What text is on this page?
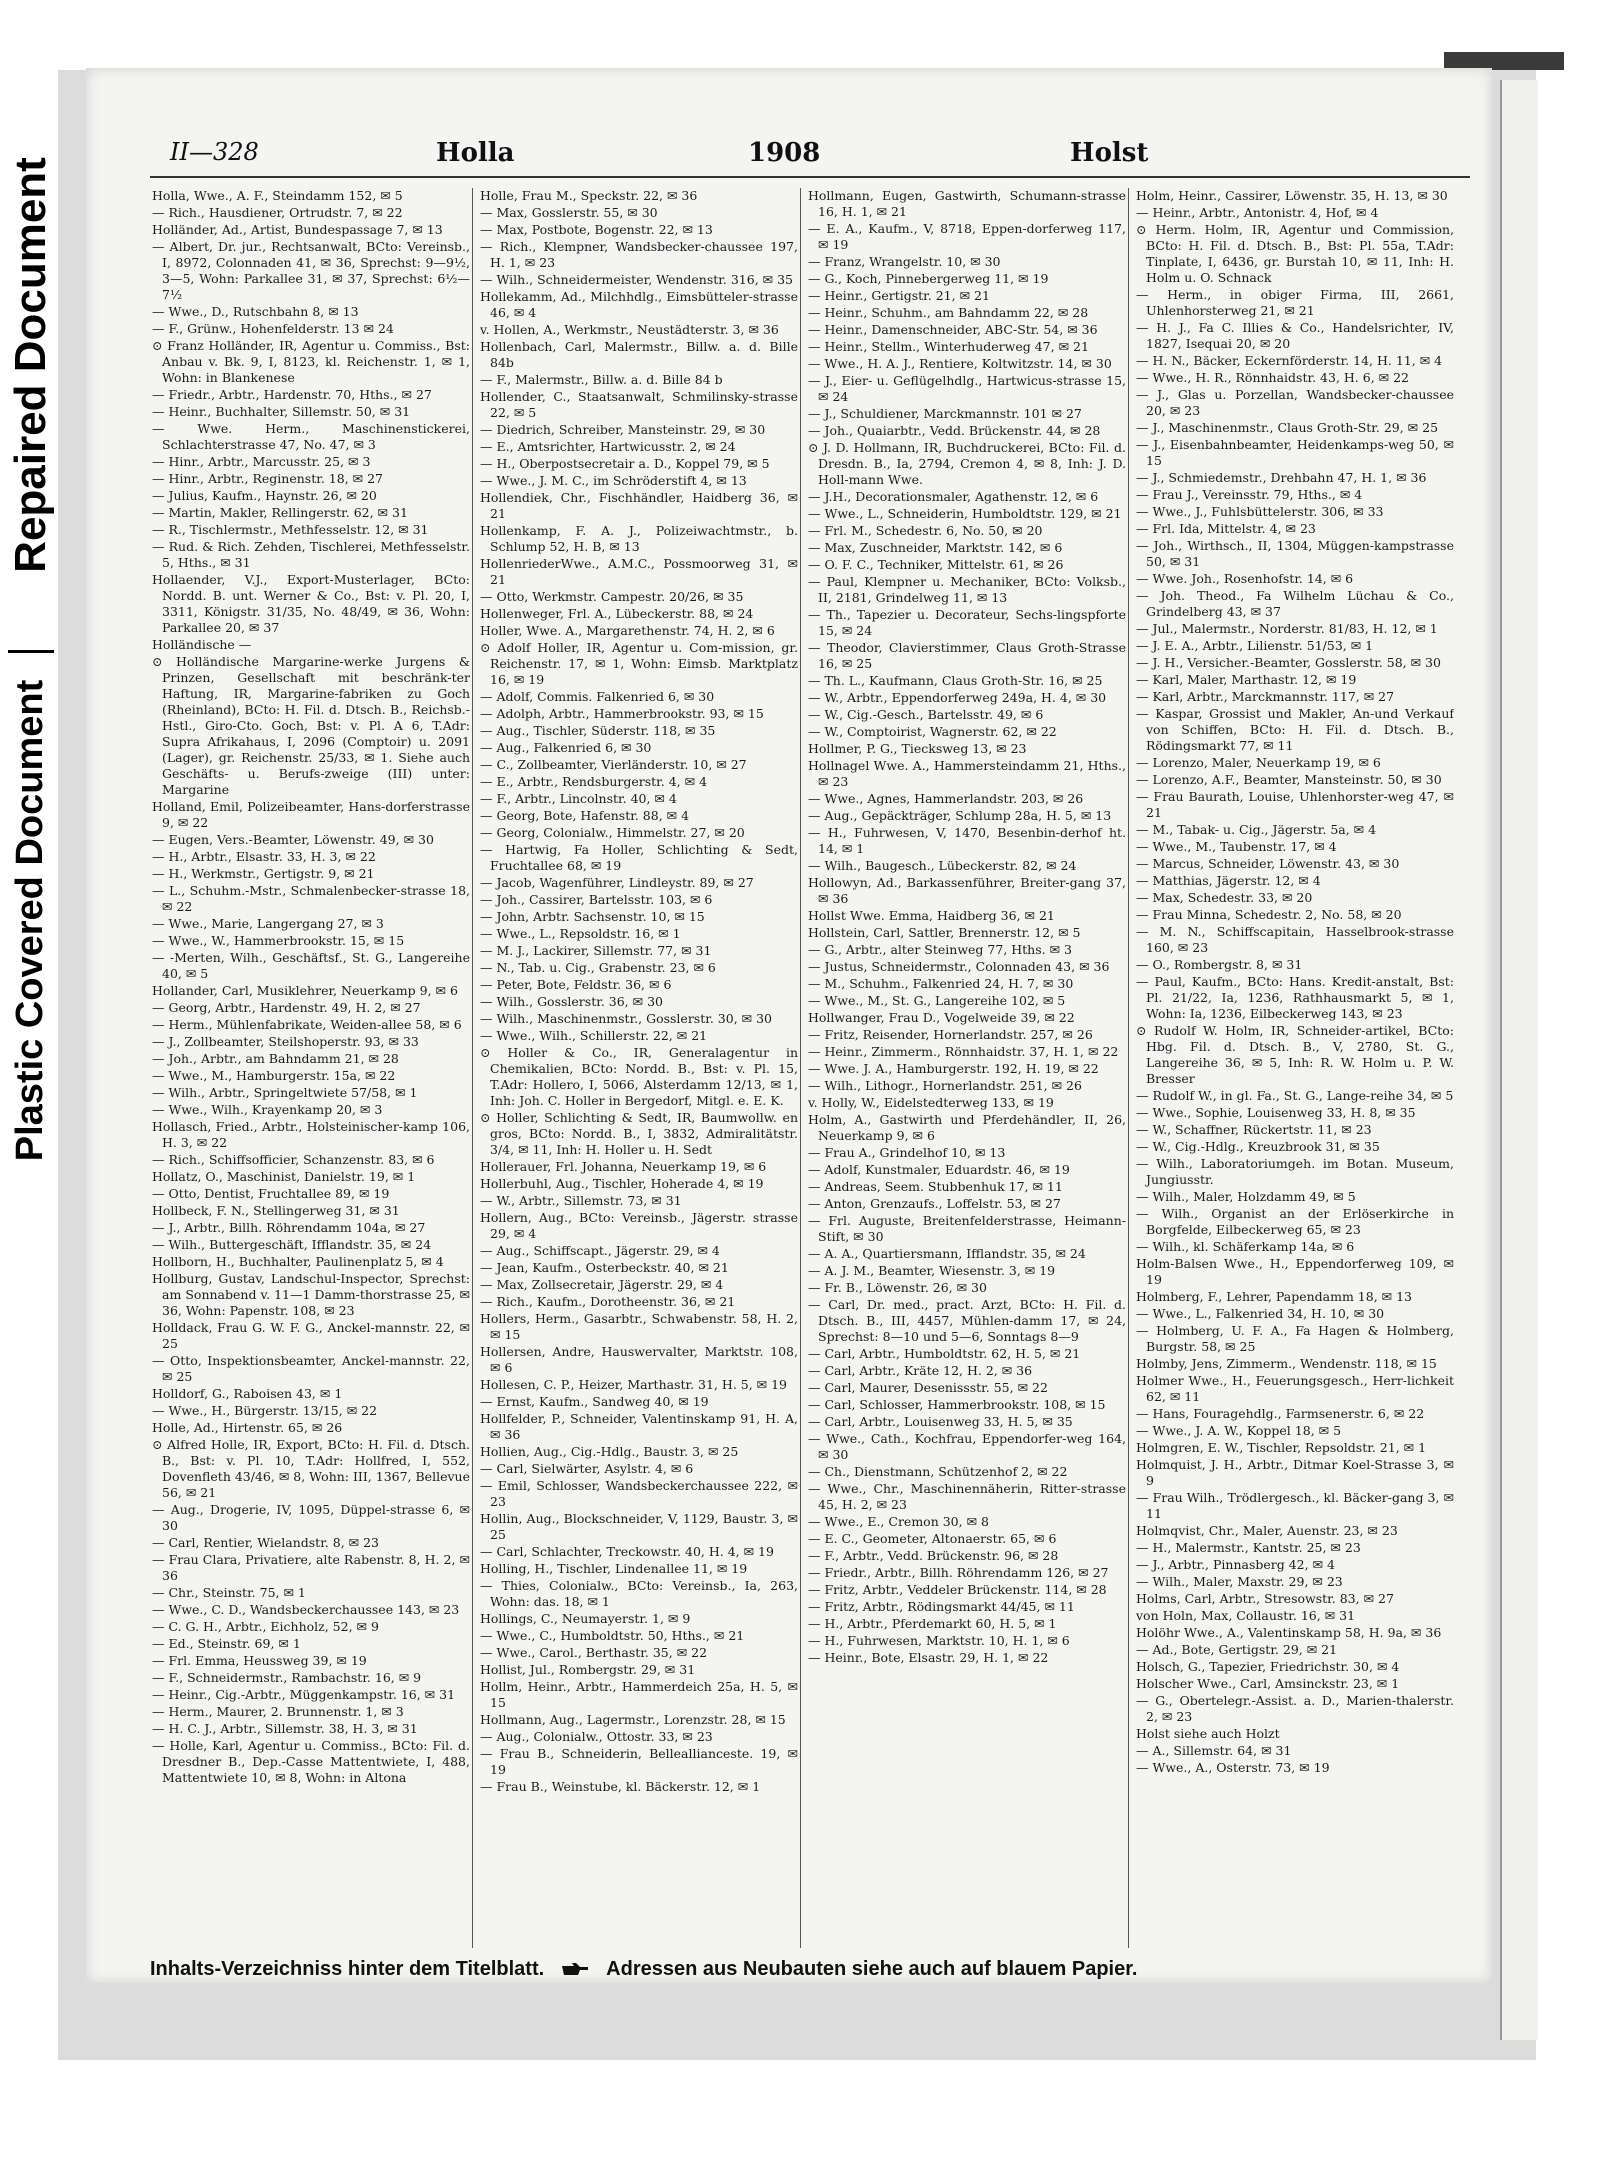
Repaired Document
Plastic Covered Document
II—328	Holla	1908	Holst
Holla, Wwe., A. F., Steindamm 152, ✉ 5
— Rich., Hausdiener, Ortrudstr. 7, ✉ 22
Holländer, Ad., Artist, Bundespassage 7, ✉ 13
— Albert, Dr. jur., Rechtsanwalt, BCto: Vereinsb., I, 8972, Colonnaden 41, ✉ 36, Sprechst: 9—9½, 3—5, Wohn: Parkallee 31, ✉ 37, Sprechst: 6½—7½
— Wwe., D., Rutschbahn 8, ✉ 13
— F., Grünw., Hohenfelderstr. 13 ✉ 24
⊙ Franz Holländer, IR, Agentur u. Commiss., Bst: Anbau v. Bk. 9, I, 8123, kl. Reichenstr. 1, ✉ 1, Wohn: in Blankenese
— Friedr., Arbtr., Hardenstr. 70, Hths., ✉ 27
— Heinr., Buchhalter, Sillemstr. 50, ✉ 31
— Wwe. Herm., Maschinenstickerei, Schlachterstrasse 47, No. 47, ✉ 3
— Hinr., Arbtr., Marcusstr. 25, ✉ 3
— Hinr., Arbtr., Reginenstr. 18, ✉ 27
— Julius, Kaufm., Haynstr. 26, ✉ 20
— Martin, Makler, Rellingerstr. 62, ✉ 31
— R., Tischlermstr., Methfesselstr. 12, ✉ 31
— Rud. & Rich. Zehden, Tischlerei, Methfesselstr. 5, Hths., ✉ 31
Hollaender, V.J., Export-Musterlager, BCto: Nordd. B. unt. Werner & Co., Bst: v. Pl. 20, I, 3311, Königstr. 31/35, No. 48/49, ✉ 36, Wohn: Parkallee 20, ✉ 37
Holländische —
⊙ Holländische Margarine-werke Jurgens & Prinzen, Gesellschaft mit beschränk-ter Haftung, IR, Margarine-fabriken zu Goch (Rheinland), BCto: H. Fil. d. Dtsch. B., Reichsb.-Hstl., Giro-Cto. Goch, Bst: v. Pl. A 6, T.Adr: Supra Afrikahaus, I, 2096 (Comptoir) u. 2091 (Lager), gr. Reichenstr. 25/33, ✉ 1. Siehe auch Geschäfts- u. Berufs-zweige (III) unter: Margarine
Holland, Emil, Polizeibeamter, Hans-dorferstrasse 9, ✉ 22
— Eugen, Vers.-Beamter, Löwenstr. 49, ✉ 30
— H., Arbtr., Elsastr. 33, H. 3, ✉ 22
— H., Werkmstr., Gertigstr. 9, ✉ 21
— L., Schuhm.-Mstr., Schmalenbecker-strasse 18, ✉ 22
— Wwe., Marie, Langergang 27, ✉ 3
— Wwe., W., Hammerbrookstr. 15, ✉ 15
— -Merten, Wilh., Geschäftsf., St. G., Langereihe 40, ✉ 5
Hollander, Carl, Musiklehrer, Neuerkamp 9, ✉ 6
— Georg, Arbtr., Hardenstr. 49, H. 2, ✉ 27
— Herm., Mühlenfabrikate, Weiden-allee 58, ✉ 6
— J., Zollbeamter, Steilshoperstr. 93, ✉ 33
— Joh., Arbtr., am Bahndamm 21, ✉ 28
— Wwe., M., Hamburgerstr. 15a, ✉ 22
— Wilh., Arbtr., Springeltwiete 57/58, ✉ 1
— Wwe., Wilh., Krayenkamp 20, ✉ 3
Hollasch, Fried., Arbtr., Holsteinischer-kamp 106, H. 3, ✉ 22
— Rich., Schiffsofficier, Schanzenstr. 83, ✉ 6
Hollatz, O., Maschinist, Danielstr. 19, ✉ 1
— Otto, Dentist, Fruchtallee 89, ✉ 19
Hollbeck, F. N., Stellingerweg 31, ✉ 31
— J., Arbtr., Billh. Röhrendamm 104a, ✉ 27
— Wilh., Buttergeschäft, Ifflandstr. 35, ✉ 24
Hollborn, H., Buchhalter, Paulinenplatz 5, ✉ 4
Hollburg, Gustav, Landschul-Inspector, Sprechst: am Sonnabend v. 11—1 Damm-thorstrasse 25, ✉ 36, Wohn: Papenstr. 108, ✉ 23
Holldack, Frau G. W. F. G., Anckel-mannstr. 22, ✉ 25
— Otto, Inspektionsbeamter, Anckel-mannstr. 22, ✉ 25
Holldorf, G., Raboisen 43, ✉ 1
— Wwe., H., Bürgerstr. 13/15, ✉ 22
Holle, Ad., Hirtenstr. 65, ✉ 26
⊙ Alfred Holle, IR, Export, BCto: H. Fil. d. Dtsch. B., Bst: v. Pl. 10, T.Adr: Hollfred, I, 552, Dovenfleth 43/46, ✉ 8, Wohn: III, 1367, Bellevue 56, ✉ 21
— Aug., Drogerie, IV, 1095, Düppel-strasse 6, ✉ 30
— Carl, Rentier, Wielandstr. 8, ✉ 23
— Frau Clara, Privatiere, alte Rabenstr. 8, H. 2, ✉ 36
— Chr., Steinstr. 75, ✉ 1
— Wwe., C. D., Wandsbeckerchaussee 143, ✉ 23
— C. G. H., Arbtr., Eichholz, 52, ✉ 9
— Ed., Steinstr. 69, ✉ 1
— Frl. Emma, Heussweg 39, ✉ 19
— F., Schneidermstr., Rambachstr. 16, ✉ 9
— Heinr., Cig.-Arbtr., Müggenkampstr. 16, ✉ 31
— Herm., Maurer, 2. Brunnenstr. 1, ✉ 3
— H. C. J., Arbtr., Sillemstr. 38, H. 3, ✉ 31
— Holle, Karl, Agentur u. Commiss., BCto: Fil. d. Dresdner B., Dep.-Casse Mattentwiete, I, 488, Mattentwiete 10, ✉ 8, Wohn: in Altona
Holle, Frau M., Speckstr. 22, ✉ 36
— Max, Gosslerstr. 55, ✉ 30
— Max, Postbote, Bogenstr. 22, ✉ 13
— Rich., Klempner, Wandsbecker-chaussee 197, H. 1, ✉ 23
— Wilh., Schneidermeister, Wendenstr. 316, ✉ 35
Hollekamm, Ad., Milchhdlg., Eimsbütteler-strasse 46, ✉ 4
v. Hollen, A., Werkmstr., Neustädterstr. 3, ✉ 36
Hollenbach, Carl, Malermstr., Billw. a. d. Bille 84b
— F., Malermstr., Billw. a. d. Bille 84 b
Hollender, C., Staatsanwalt, Schmilinsky-strasse 22, ✉ 5
— Diedrich, Schreiber, Mansteinstr. 29, ✉ 30
— E., Amtsrichter, Hartwicusstr. 2, ✉ 24
— H., Oberpostsecretair a. D., Koppel 79, ✉ 5
— Wwe., J. M. C., im Schröderstift 4, ✉ 13
Hollendiek, Chr., Fischhändler, Haidberg 36, ✉ 21
Hollenkamp, F. A. J., Polizeiwachtmstr., b. Schlump 52, H. B, ✉ 13
HollenriederWwe., A.M.C., Possmoorweg 31, ✉ 21
— Otto, Werkmstr. Campestr. 20/26, ✉ 35
Hollenweger, Frl. A., Lübeckerstr. 88, ✉ 24
Holler, Wwe. A., Margarethenstr. 74, H. 2, ✉ 6
⊙ Adolf Holler, IR, Agentur u. Com-mission, gr. Reichenstr. 17, ✉ 1, Wohn: Eimsb. Marktplatz 16, ✉ 19
— Adolf, Commis. Falkenried 6, ✉ 30
— Adolph, Arbtr., Hammerbrookstr. 93, ✉ 15
— Aug., Tischler, Süderstr. 118, ✉ 35
— Aug., Falkenried 6, ✉ 30
— C., Zollbeamter, Vierländerstr. 10, ✉ 27
— E., Arbtr., Rendsburgerstr. 4, ✉ 4
— F., Arbtr., Lincolnstr. 40, ✉ 4
— Georg, Bote, Hafenstr. 88, ✉ 4
— Georg, Colonialw., Himmelstr. 27, ✉ 20
— Hartwig, Fa Holler, Schlichting & Sedt, Fruchtallee 68, ✉ 19
— Jacob, Wagenführer, Lindleystr. 89, ✉ 27
— Joh., Cassirer, Bartelsstr. 103, ✉ 6
— John, Arbtr. Sachsenstr. 10, ✉ 15
— Wwe., L., Repsoldstr. 16, ✉ 1
— M. J., Lackirer, Sillemstr. 77, ✉ 31
— N., Tab. u. Cig., Grabenstr. 23, ✉ 6
— Peter, Bote, Feldstr. 36, ✉ 6
— Wilh., Gosslerstr. 36, ✉ 30
— Wilh., Maschinenmstr., Gosslerstr. 30, ✉ 30
— Wwe., Wilh., Schillerstr. 22, ✉ 21
⊙ Holler & Co., IR, Generalagentur in Chemikalien, BCto: Nordd. B., Bst: v. Pl. 15, T.Adr: Hollero, I, 5066, Alsterdamm 12/13, ✉ 1, Inh: Joh. C. Holler in Bergedorf, Mitgl. e. E. K.
⊙ Holler, Schlichting & Sedt, IR, Baumwollw. en gros, BCto: Nordd. B., I, 3832, Admiralitätstr. 3/4, ✉ 11, Inh: H. Holler u. H. Sedt
Hollerauer, Frl. Johanna, Neuerkamp 19, ✉ 6
Hollerbuhl, Aug., Tischler, Hoherade 4, ✉ 19
— W., Arbtr., Sillemstr. 73, ✉ 31
Hollern, Aug., BCto: Vereinsb., Jägerstr. strasse 29, ✉ 4
— Aug., Schiffscapt., Jägerstr. 29, ✉ 4
— Jean, Kaufm., Osterbeckstr. 40, ✉ 21
— Max, Zollsecretair, Jägerstr. 29, ✉ 4
— Rich., Kaufm., Dorotheenstr. 36, ✉ 21
Hollers, Herm., Gasarbtr., Schwabenstr. 58, H. 2, ✉ 15
Hollersen, Andre, Hauswervalter, Marktstr. 108, ✉ 6
Hollesen, C. P., Heizer, Marthastr. 31, H. 5, ✉ 19
— Ernst, Kaufm., Sandweg 40, ✉ 19
Hollfelder, P., Schneider, Valentinskamp 91, H. A, ✉ 36
Hollien, Aug., Cig.-Hdlg., Baustr. 3, ✉ 25
— Carl, Sielwärter, Asylstr. 4, ✉ 6
— Emil, Schlosser, Wandsbeckerchaussee 222, ✉ 23
Hollin, Aug., Blockschneider, V, 1129, Baustr. 3, ✉ 25
— Carl, Schlachter, Treckowstr. 40, H. 4, ✉ 19
Holling, H., Tischler, Lindenallee 11, ✉ 19
— Thies, Colonialw., BCto: Vereinsb., Ia, 263, Wohn: das. 18, ✉ 1
Hollings, C., Neumayerstr. 1, ✉ 9
— Wwe., C., Humboldtstr. 50, Hths., ✉ 21
— Wwe., Carol., Berthastr. 35, ✉ 22
Hollist, Jul., Rombergstr. 29, ✉ 31
Hollm, Heinr., Arbtr., Hammerdeich 25a, H. 5, ✉ 15
Hollmann, Aug., Lagermstr., Lorenzstr. 28, ✉ 15
— Aug., Colonialw., Ottostr. 33, ✉ 23
— Frau B., Schneiderin, Belleallianceste. 19, ✉ 19
— Frau B., Weinstube, kl. Bäckerstr. 12, ✉ 1
Hollmann, Eugen, Gastwirth, Schumann-strasse 16, H. 1, ✉ 21
— E. A., Kaufm., V, 8718, Eppen-dorferweg 117, ✉ 19
— Franz, Wrangelstr. 10, ✉ 30
— G., Koch, Pinnebergerweg 11, ✉ 19
— Heinr., Gertigstr. 21, ✉ 21
— Heinr., Schuhm., am Bahndamm 22, ✉ 28
— Heinr., Damenschneider, ABC-Str. 54, ✉ 36
— Heinr., Stellm., Winterhuderweg 47, ✉ 21
— Wwe., H. A. J., Rentiere, Koltwitzstr. 14, ✉ 30
— J., Eier- u. Geflügelhdlg., Hartwicus-strasse 15, ✉ 24
— J., Schuldiener, Marckmannstr. 101 ✉ 27
— Joh., Quaiarbtr., Vedd. Brückenstr. 44, ✉ 28
⊙ J. D. Hollmann, IR, Buchdruckerei, BCto: Fil. d. Dresdn. B., Ia, 2794, Cremon 4, ✉ 8, Inh: J. D. Holl-mann Wwe.
— J.H., Decorationsmaler, Agathenstr. 12, ✉ 6
— Wwe., L., Schneiderin, Humboldtstr. 129, ✉ 21
— Frl. M., Schedestr. 6, No. 50, ✉ 20
— Max, Zuschneider, Marktstr. 142, ✉ 6
— O. F. C., Techniker, Mittelstr. 61, ✉ 26
— Paul, Klempner u. Mechaniker, BCto: Volksb., II, 2181, Grindelweg 11, ✉ 13
— Th., Tapezier u. Decorateur, Sechs-lingspforte 15, ✉ 24
— Theodor, Clavierstimmer, Claus Groth-Strasse 16, ✉ 25
— Th. L., Kaufmann, Claus Groth-Str. 16, ✉ 25
— W., Arbtr., Eppendorferweg 249a, H. 4, ✉ 30
— W., Cig.-Gesch., Bartelsstr. 49, ✉ 6
— W., Comptoirist, Wagnerstr. 62, ✉ 22
Hollmer, P. G., Tiecksweg 13, ✉ 23
Hollnagel Wwe. A., Hammersteindamm 21, Hths., ✉ 23
— Wwe., Agnes, Hammerlandstr. 203, ✉ 26
— Aug., Gepäckträger, Schlump 28a, H. 5, ✉ 13
— H., Fuhrwesen, V, 1470, Besenbin-derhof ht. 14, ✉ 1
— Wilh., Baugesch., Lübeckerstr. 82, ✉ 24
Hollowyn, Ad., Barkassenführer, Breiter-gang 37, ✉ 36
Hollst Wwe. Emma, Haidberg 36, ✉ 21
Hollstein, Carl, Sattler, Brennerstr. 12, ✉ 5
— G., Arbtr., alter Steinweg 77, Hths. ✉ 3
— Justus, Schneidermstr., Colonnaden 43, ✉ 36
— M., Schuhm., Falkenried 24, H. 7, ✉ 30
— Wwe., M., St. G., Langereihe 102, ✉ 5
Hollwanger, Frau D., Vogelweide 39, ✉ 22
— Fritz, Reisender, Hornerlandstr. 257, ✉ 26
— Heinr., Zimmerm., Rönnhaidstr. 37, H. 1, ✉ 22
— Wwe. J. A., Hamburgerstr. 192, H. 19, ✉ 22
— Wilh., Lithogr., Hornerlandstr. 251, ✉ 26
v. Holly, W., Eidelstedterweg 133, ✉ 19
Holm, A., Gastwirth und Pferdehändler, II, 26, Neuerkamp 9, ✉ 6
— Frau A., Grindelhof 10, ✉ 13
— Adolf, Kunstmaler, Eduardstr. 46, ✉ 19
— Andreas, Seem. Stubbenhuk 17, ✉ 11
— Anton, Grenzaufs., Loffelstr. 53, ✉ 27
— Frl. Auguste, Breitenfelderstrasse, Heimann-Stift, ✉ 30
— A. A., Quartiersmann, Ifflandstr. 35, ✉ 24
— A. J. M., Beamter, Wiesenstr. 3, ✉ 19
— Fr. B., Löwenstr. 26, ✉ 30
— Carl, Dr. med., pract. Arzt, BCto: H. Fil. d. Dtsch. B., III, 4457, Mühlen-damm 17, ✉ 24, Sprechst: 8—10 und 5—6, Sonntags 8—9
— Carl, Arbtr., Humboldtstr. 62, H. 5, ✉ 21
— Carl, Arbtr., Kräte 12, H. 2, ✉ 36
— Carl, Maurer, Desenissstr. 55, ✉ 22
— Carl, Schlosser, Hammerbrookstr. 108, ✉ 15
— Carl, Arbtr., Louisenweg 33, H. 5, ✉ 35
— Wwe., Cath., Kochfrau, Eppendorfer-weg 164, ✉ 30
— Ch., Dienstmann, Schützenhof 2, ✉ 22
— Wwe., Chr., Maschinennäherin, Ritter-strasse 45, H. 2, ✉ 23
— Wwe., E., Cremon 30, ✉ 8
— E. C., Geometer, Altonaerstr. 65, ✉ 6
— F., Arbtr., Vedd. Brückenstr. 96, ✉ 28
— Friedr., Arbtr., Billh. Röhrendamm 126, ✉ 27
— Fritz, Arbtr., Veddeler Brückenstr. 114, ✉ 28
— Fritz, Arbtr., Rödingsmarkt 44/45, ✉ 11
— H., Arbtr., Pferdemarkt 60, H. 5, ✉ 1
— H., Fuhrwesen, Marktstr. 10, H. 1, ✉ 6
— Heinr., Bote, Elsastr. 29, H. 1, ✉ 22
Holm, Heinr., Cassirer, Löwenstr. 35, H. 13, ✉ 30
— Heinr., Arbtr., Antonistr. 4, Hof, ✉ 4
⊙ Herm. Holm, IR, Agentur und Commission, BCto: H. Fil. d. Dtsch. B., Bst: Pl. 55a, T.Adr: Tinplate, I, 6436, gr. Burstah 10, ✉ 11, Inh: H. Holm u. O. Schnack
— Herm., in obiger Firma, III, 2661, Uhlenhorsterweg 21, ✉ 21
— H. J., Fa C. Illies & Co., Handelsrichter, IV, 1827, Isequai 20, ✉ 20
— H. N., Bäcker, Eckernförderstr. 14, H. 11, ✉ 4
— Wwe., H. R., Rönnhaidstr. 43, H. 6, ✉ 22
— J., Glas u. Porzellan, Wandsbecker-chaussee 20, ✉ 23
— J., Maschinenmstr., Claus Groth-Str. 29, ✉ 25
— J., Eisenbahnbeamter, Heidenkamps-weg 50, ✉ 15
— J., Schmiedemstr., Drehbahn 47, H. 1, ✉ 36
— Frau J., Vereinsstr. 79, Hths., ✉ 4
— Wwe., J., Fuhlsbüttelerstr. 306, ✉ 33
— Frl. Ida, Mittelstr. 4, ✉ 23
— Joh., Wirthsch., II, 1304, Müggen-kampstrasse 50, ✉ 31
— Wwe. Joh., Rosenhofstr. 14, ✉ 6
— Joh. Theod., Fa Wilhelm Lüchau & Co., Grindelberg 43, ✉ 37
— Jul., Malermstr., Norderstr. 81/83, H. 12, ✉ 1
— J. E. A., Arbtr., Lilienstr. 51/53, ✉ 1
— J. H., Versicher.-Beamter, Gosslerstr. 58, ✉ 30
— Karl, Maler, Marthastr. 12, ✉ 19
— Karl, Arbtr., Marckmannstr. 117, ✉ 27
— Kaspar, Grossist und Makler, An-und Verkauf von Schiffen, BCto: H. Fil. d. Dtsch. B., Rödingsmarkt 77, ✉ 11
— Lorenzo, Maler, Neuerkamp 19, ✉ 6
— Lorenzo, A.F., Beamter, Mansteinstr. 50, ✉ 30
— Frau Baurath, Louise, Uhlenhorster-weg 47, ✉ 21
— M., Tabak- u. Cig., Jägerstr. 5a, ✉ 4
— Wwe., M., Taubenstr. 17, ✉ 4
— Marcus, Schneider, Löwenstr. 43, ✉ 30
— Matthias, Jägerstr. 12, ✉ 4
— Max, Schedestr. 33, ✉ 20
— Frau Minna, Schedestr. 2, No. 58, ✉ 20
— M. N., Schiffscapitain, Hasselbrook-strasse 160, ✉ 23
— O., Rombergstr. 8, ✉ 31
— Paul, Kaufm., BCto: Hans. Kredit-anstalt, Bst: Pl. 21/22, Ia, 1236, Rathhausmarkt 5, ✉ 1, Wohn: Ia, 1236, Eilbeckerweg 143, ✉ 23
⊙ Rudolf W. Holm, IR, Schneider-artikel, BCto: Hbg. Fil. d. Dtsch. B., V, 2780, St. G., Langereihe 36, ✉ 5, Inh: R. W. Holm u. P. W. Bresser
— Rudolf W., in gl. Fa., St. G., Lange-reihe 34, ✉ 5
— Wwe., Sophie, Louisenweg 33, H. 8, ✉ 35
— W., Schaffner, Rückertstr. 11, ✉ 23
— W., Cig.-Hdlg., Kreuzbrook 31, ✉ 35
— Wilh., Laboratoriumgeh. im Botan. Museum, Jungiusstr.
— Wilh., Maler, Holzdamm 49, ✉ 5
— Wilh., Organist an der Erlöserkirche in Borgfelde, Eilbeckerweg 65, ✉ 23
— Wilh., kl. Schäferkamp 14a, ✉ 6
Holm-Balsen Wwe., H., Eppendorferweg 109, ✉ 19
Holmberg, F., Lehrer, Papendamm 18, ✉ 13
— Wwe., L., Falkenried 34, H. 10, ✉ 30
— Holmberg, U. F. A., Fa Hagen & Holmberg, Burgstr. 58, ✉ 25
Holmby, Jens, Zimmerm., Wendenstr. 118, ✉ 15
Holmer Wwe., H., Feuerungsgesch., Herr-lichkeit 62, ✉ 11
— Hans, Fouragehdlg., Farmsenerstr. 6, ✉ 22
— Wwe., J. A. W., Koppel 18, ✉ 5
Holmgren, E. W., Tischler, Repsoldstr. 21, ✉ 1
Holmquist, J. H., Arbtr., Ditmar Koel-Strasse 3, ✉ 9
— Frau Wilh., Trödlergesch., kl. Bäcker-gang 3, ✉ 11
Holmqvist, Chr., Maler, Auenstr. 23, ✉ 23
— H., Malermstr., Kantstr. 25, ✉ 23
— J., Arbtr., Pinnasberg 42, ✉ 4
— Wilh., Maler, Maxstr. 29, ✉ 23
Holms, Carl, Arbtr., Stresowstr. 83, ✉ 27
von Holn, Max, Collaustr. 16, ✉ 31
Holöhr Wwe., A., Valentinskamp 58, H. 9a, ✉ 36
— Ad., Bote, Gertigstr. 29, ✉ 21
Holsch, G., Tapezier, Friedrichstr. 30, ✉ 4
Holscher Wwe., Carl, Amsinckstr. 23, ✉ 1
— G., Obertelegr.-Assist. a. D., Marien-thalerstr. 2, ✉ 23
Holst siehe auch Holzt
— A., Sillemstr. 64, ✉ 31
— Wwe., A., Osterstr. 73, ✉ 19
Inhalts-Verzeichniss hinter dem Titelblatt.	Adressen aus Neubauten siehe auch auf blauem Papier.
